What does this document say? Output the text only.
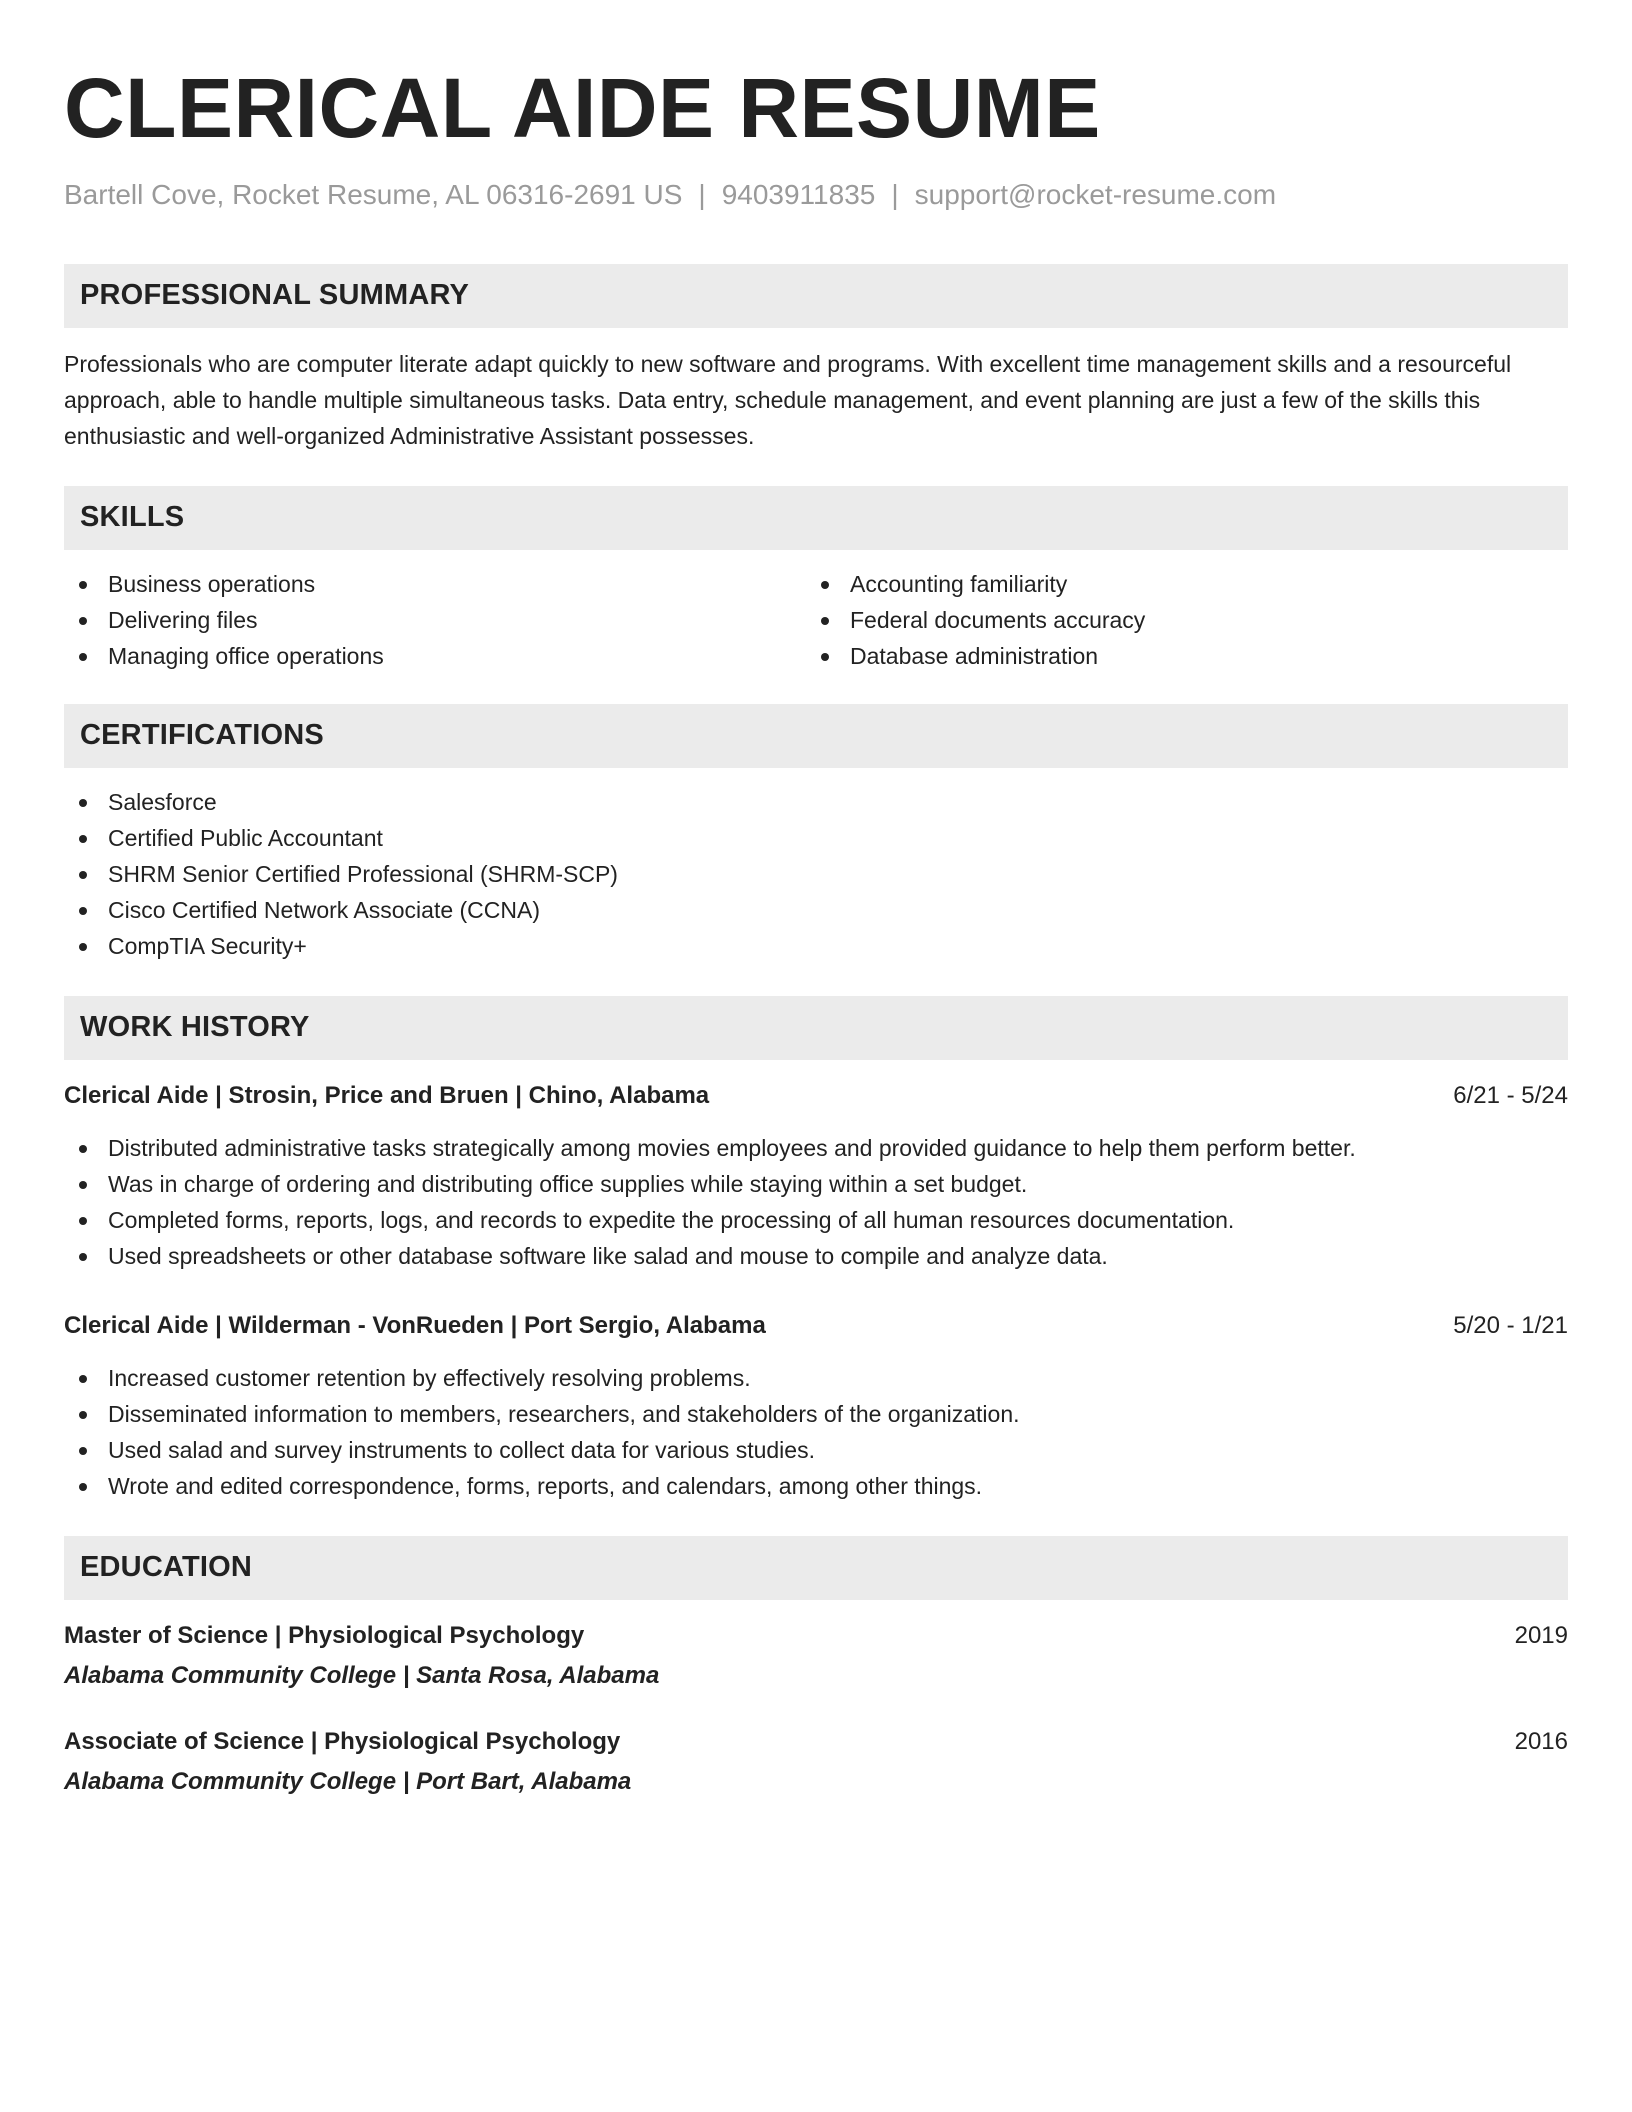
CLERICAL AIDE RESUME
Bartell Cove, Rocket Resume, AL 06316-2691 US | 9403911835 | support@rocket-resume.com
PROFESSIONAL SUMMARY

Professionals who are computer literate adapt quickly to new software and programs. With excellent time management skills and a resourceful approach, able to handle multiple simultaneous tasks. Data entry, schedule management, and event planning are just a few of the skills this enthusiastic and well-organized Administrative Assistant possesses.

SKILLS
Business operations
Delivering files
Managing office operations
Accounting familiarity
Federal documents accuracy
Database administration
CERTIFICATIONS
Salesforce
Certified Public Accountant
SHRM Senior Certified Professional (SHRM-SCP)
Cisco Certified Network Associate (CCNA)
CompTIA Security+
WORK HISTORY
Clerical Aide | Strosin, Price and Bruen | Chino, Alabama	6/21 - 5/24
Distributed administrative tasks strategically among movies employees and provided guidance to help them perform better.
Was in charge of ordering and distributing office supplies while staying within a set budget.
Completed forms, reports, logs, and records to expedite the processing of all human resources documentation.
Used spreadsheets or other database software like salad and mouse to compile and analyze data.
Clerical Aide | Wilderman - VonRueden | Port Sergio, Alabama	5/20 - 1/21
Increased customer retention by effectively resolving problems.
Disseminated information to members, researchers, and stakeholders of the organization.
Used salad and survey instruments to collect data for various studies.
Wrote and edited correspondence, forms, reports, and calendars, among other things.
EDUCATION
Master of Science | Physiological Psychology	2019
Alabama Community College | Santa Rosa, Alabama
Associate of Science | Physiological Psychology	2016
Alabama Community College | Port Bart, Alabama
